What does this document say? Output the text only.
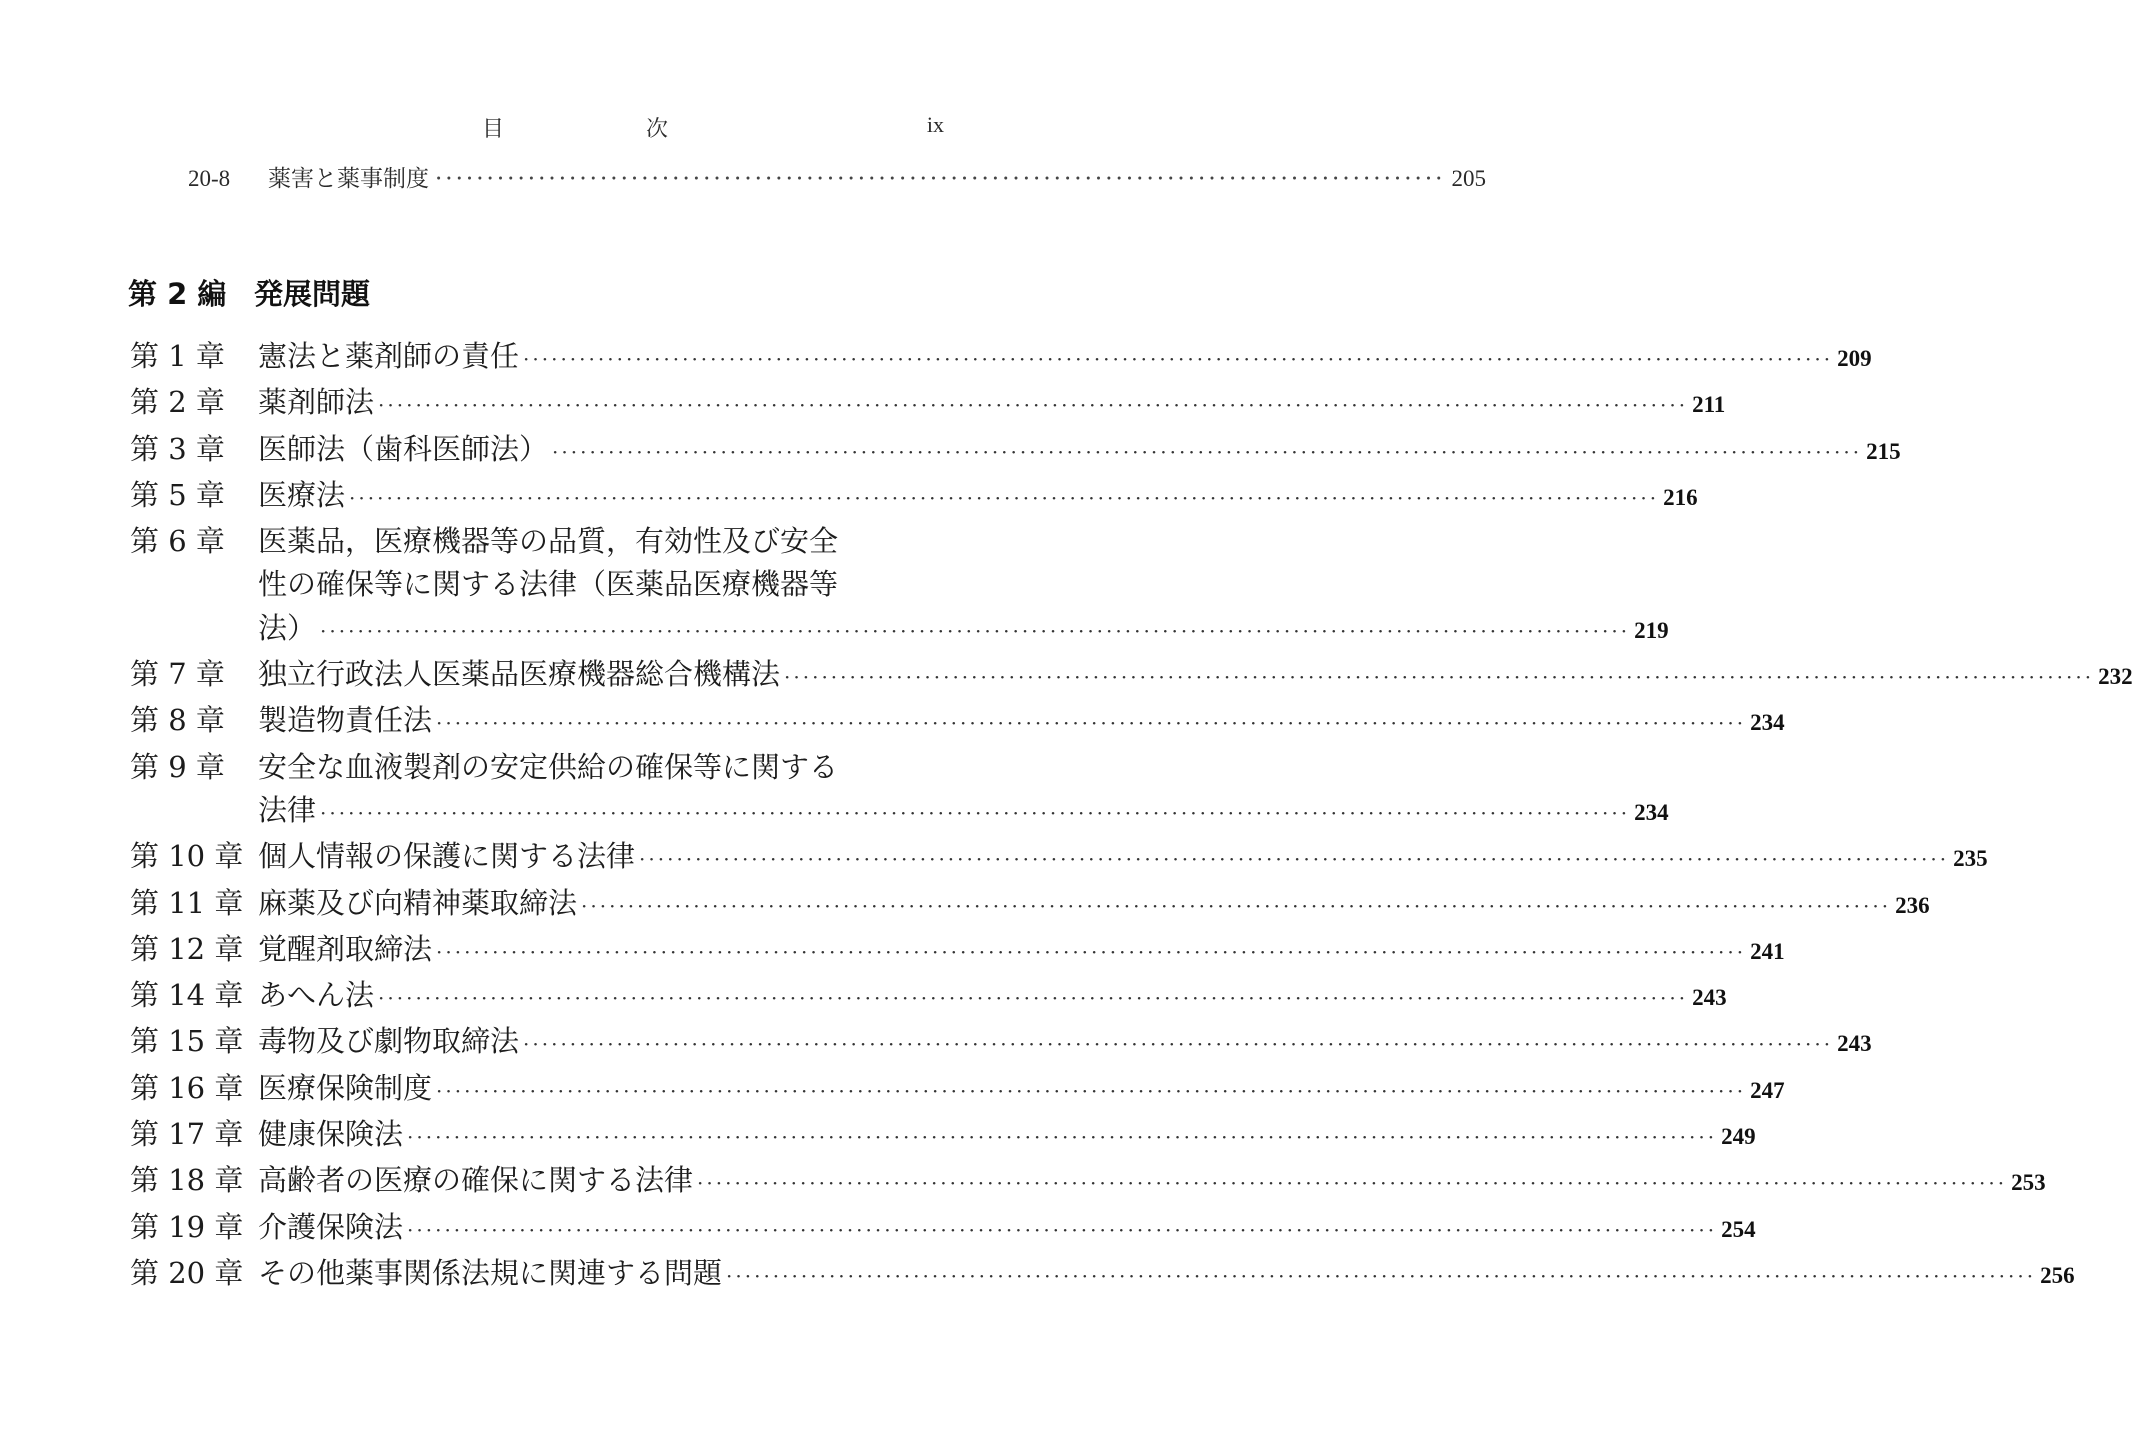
目　次	ix
20-8	薬害と薬事制度 ·································································································· 205
第 2 編 発展問題
第 1 章	憲法と薬剤師の責任 ············································································································································ 209
第 2 章	薬剤師法 ············································································································································ 211
第 3 章	医師法（歯科医師法） ············································································································································ 215
第 5 章	医療法 ············································································································································ 216
第 6 章	医薬品，医療機器等の品質，有効性及び安全
性の確保等に関する法律（医薬品医療機器等
法） ············································································································································ 219
第 7 章	独立行政法人医薬品医療機器総合機構法 ············································································································································ 232
第 8 章	製造物責任法 ············································································································································ 234
第 9 章	安全な血液製剤の安定供給の確保等に関する
法律 ············································································································································ 234
第 10 章 個人情報の保護に関する法律 ············································································································································ 235
第 11 章 麻薬及び向精神薬取締法 ············································································································································ 236
第 12 章 覚醒剤取締法 ············································································································································ 241
第 14 章 あへん法 ············································································································································ 243
第 15 章 毒物及び劇物取締法 ············································································································································ 243
第 16 章 医療保険制度 ············································································································································ 247
第 17 章 健康保険法 ············································································································································ 249
第 18 章 高齢者の医療の確保に関する法律 ············································································································································ 253
第 19 章 介護保険法 ············································································································································ 254
第 20 章 その他薬事関係法規に関連する問題 ············································································································································ 256
